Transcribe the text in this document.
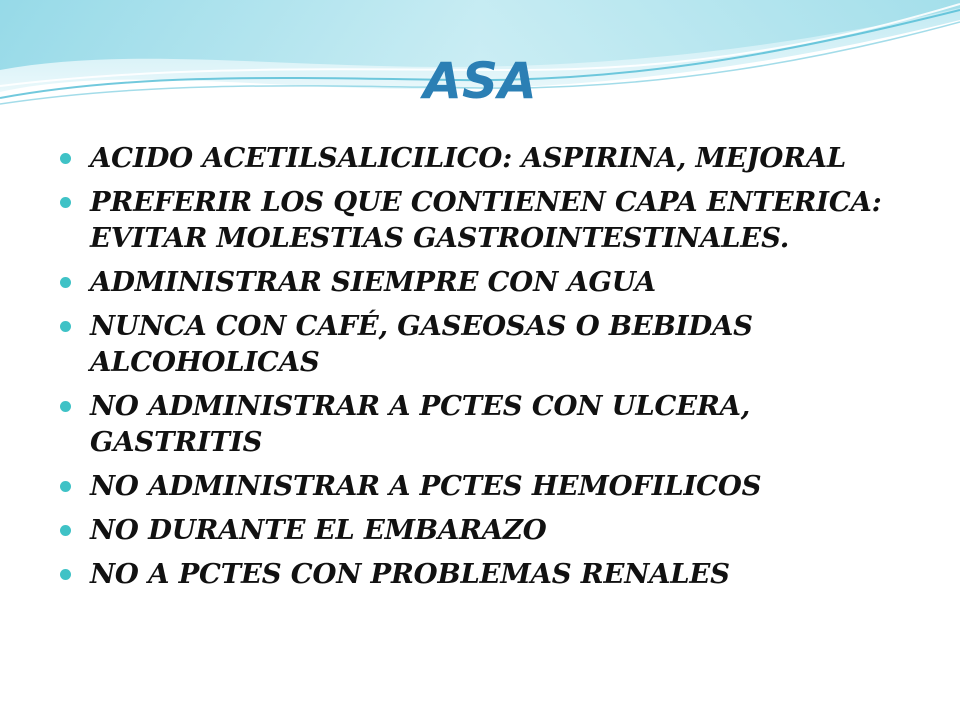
ASA
ACIDO ACETILSALICILICO: ASPIRINA, MEJORAL
PREFERIR LOS QUE CONTIENEN CAPA ENTERICA: EVITAR MOLESTIAS GASTROINTESTINALES.
ADMINISTRAR SIEMPRE CON AGUA
NUNCA CON CAFÉ, GASEOSAS O BEBIDAS ALCOHOLICAS
NO ADMINISTRAR A PCTES CON ULCERA, GASTRITIS
NO ADMINISTRAR A PCTES HEMOFILICOS
NO DURANTE EL EMBARAZO
NO A PCTES CON PROBLEMAS RENALES
